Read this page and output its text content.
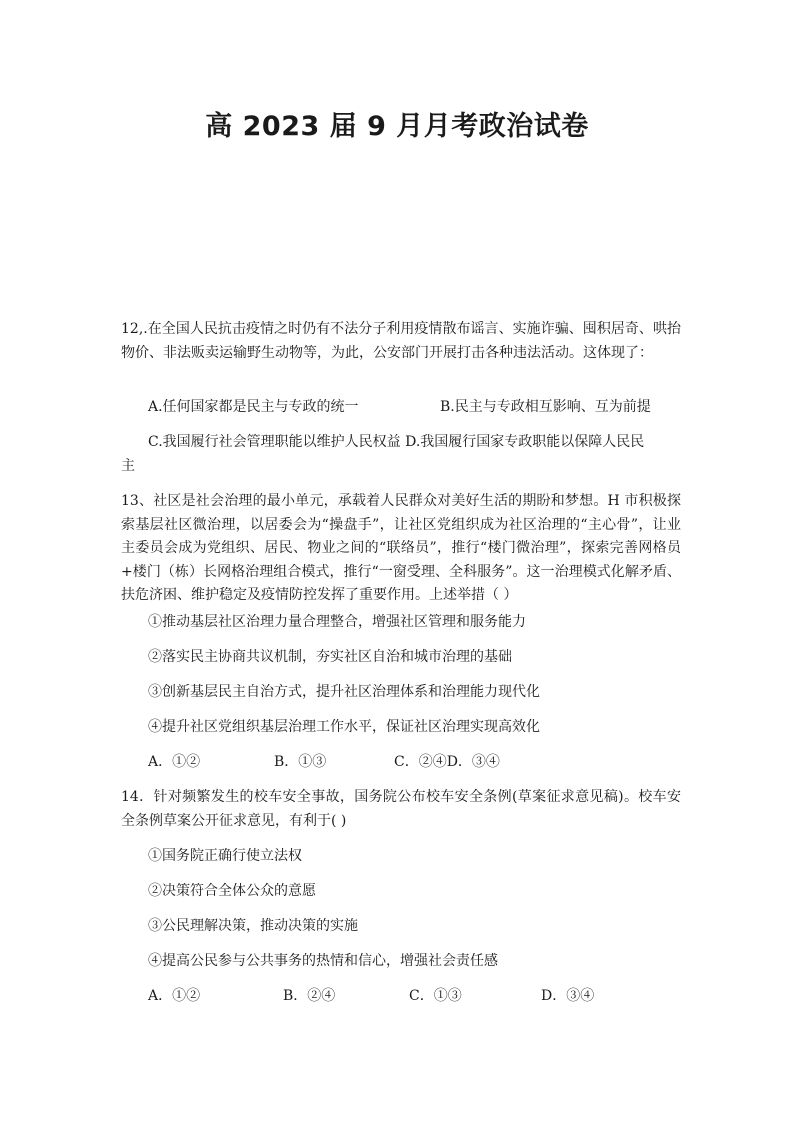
高 2023 届 9 月月考政治试卷
12,.在全国人民抗击疫情之时仍有不法分子利用疫情散布谣言、实施诈骗、囤积居奇、哄抬物价、非法贩卖运输野生动物等，为此，公安部门开展打击各种违法活动。这体现了：
A.任何国家都是民主与专政的统一	B.民主与专政相互影响、互为前提
C.我国履行社会管理职能以维护人民权益 D.我国履行国家专政职能以保障人民民
主
13、社区是社会治理的最小单元，承载着人民群众对美好生活的期盼和梦想。H 市积极探索基层社区微治理，以居委会为“操盘手”，让社区党组织成为社区治理的“主心骨”，让业主委员会成为党组织、居民、物业之间的“联络员”，推行“楼门微治理”，探索完善网格员+楼门（栋）长网格治理组合模式，推行“一窗受理、全科服务”。这一治理模式化解矛盾、扶危济困、维护稳定及疫情防控发挥了重要作用。上述举措（ ）
①推动基层社区治理力量合理整合，增强社区管理和服务能力
②落实民主协商共议机制，夯实社区自治和城市治理的基础
③创新基层民主自治方式，提升社区治理体系和治理能力现代化
④提升社区党组织基层治理工作水平，保证社区治理实现高效化
A．①②	B．①③	C．②④D．③④
14．针对频繁发生的校车安全事故，国务院公布校车安全条例(草案征求意见稿)。校车安全条例草案公开征求意见，有利于( )
①国务院正确行使立法权
②决策符合全体公众的意愿
③公民理解决策，推动决策的实施
④提高公民参与公共事务的热情和信心，增强社会责任感
A．①②	B．②④	C．①③	D．③④
